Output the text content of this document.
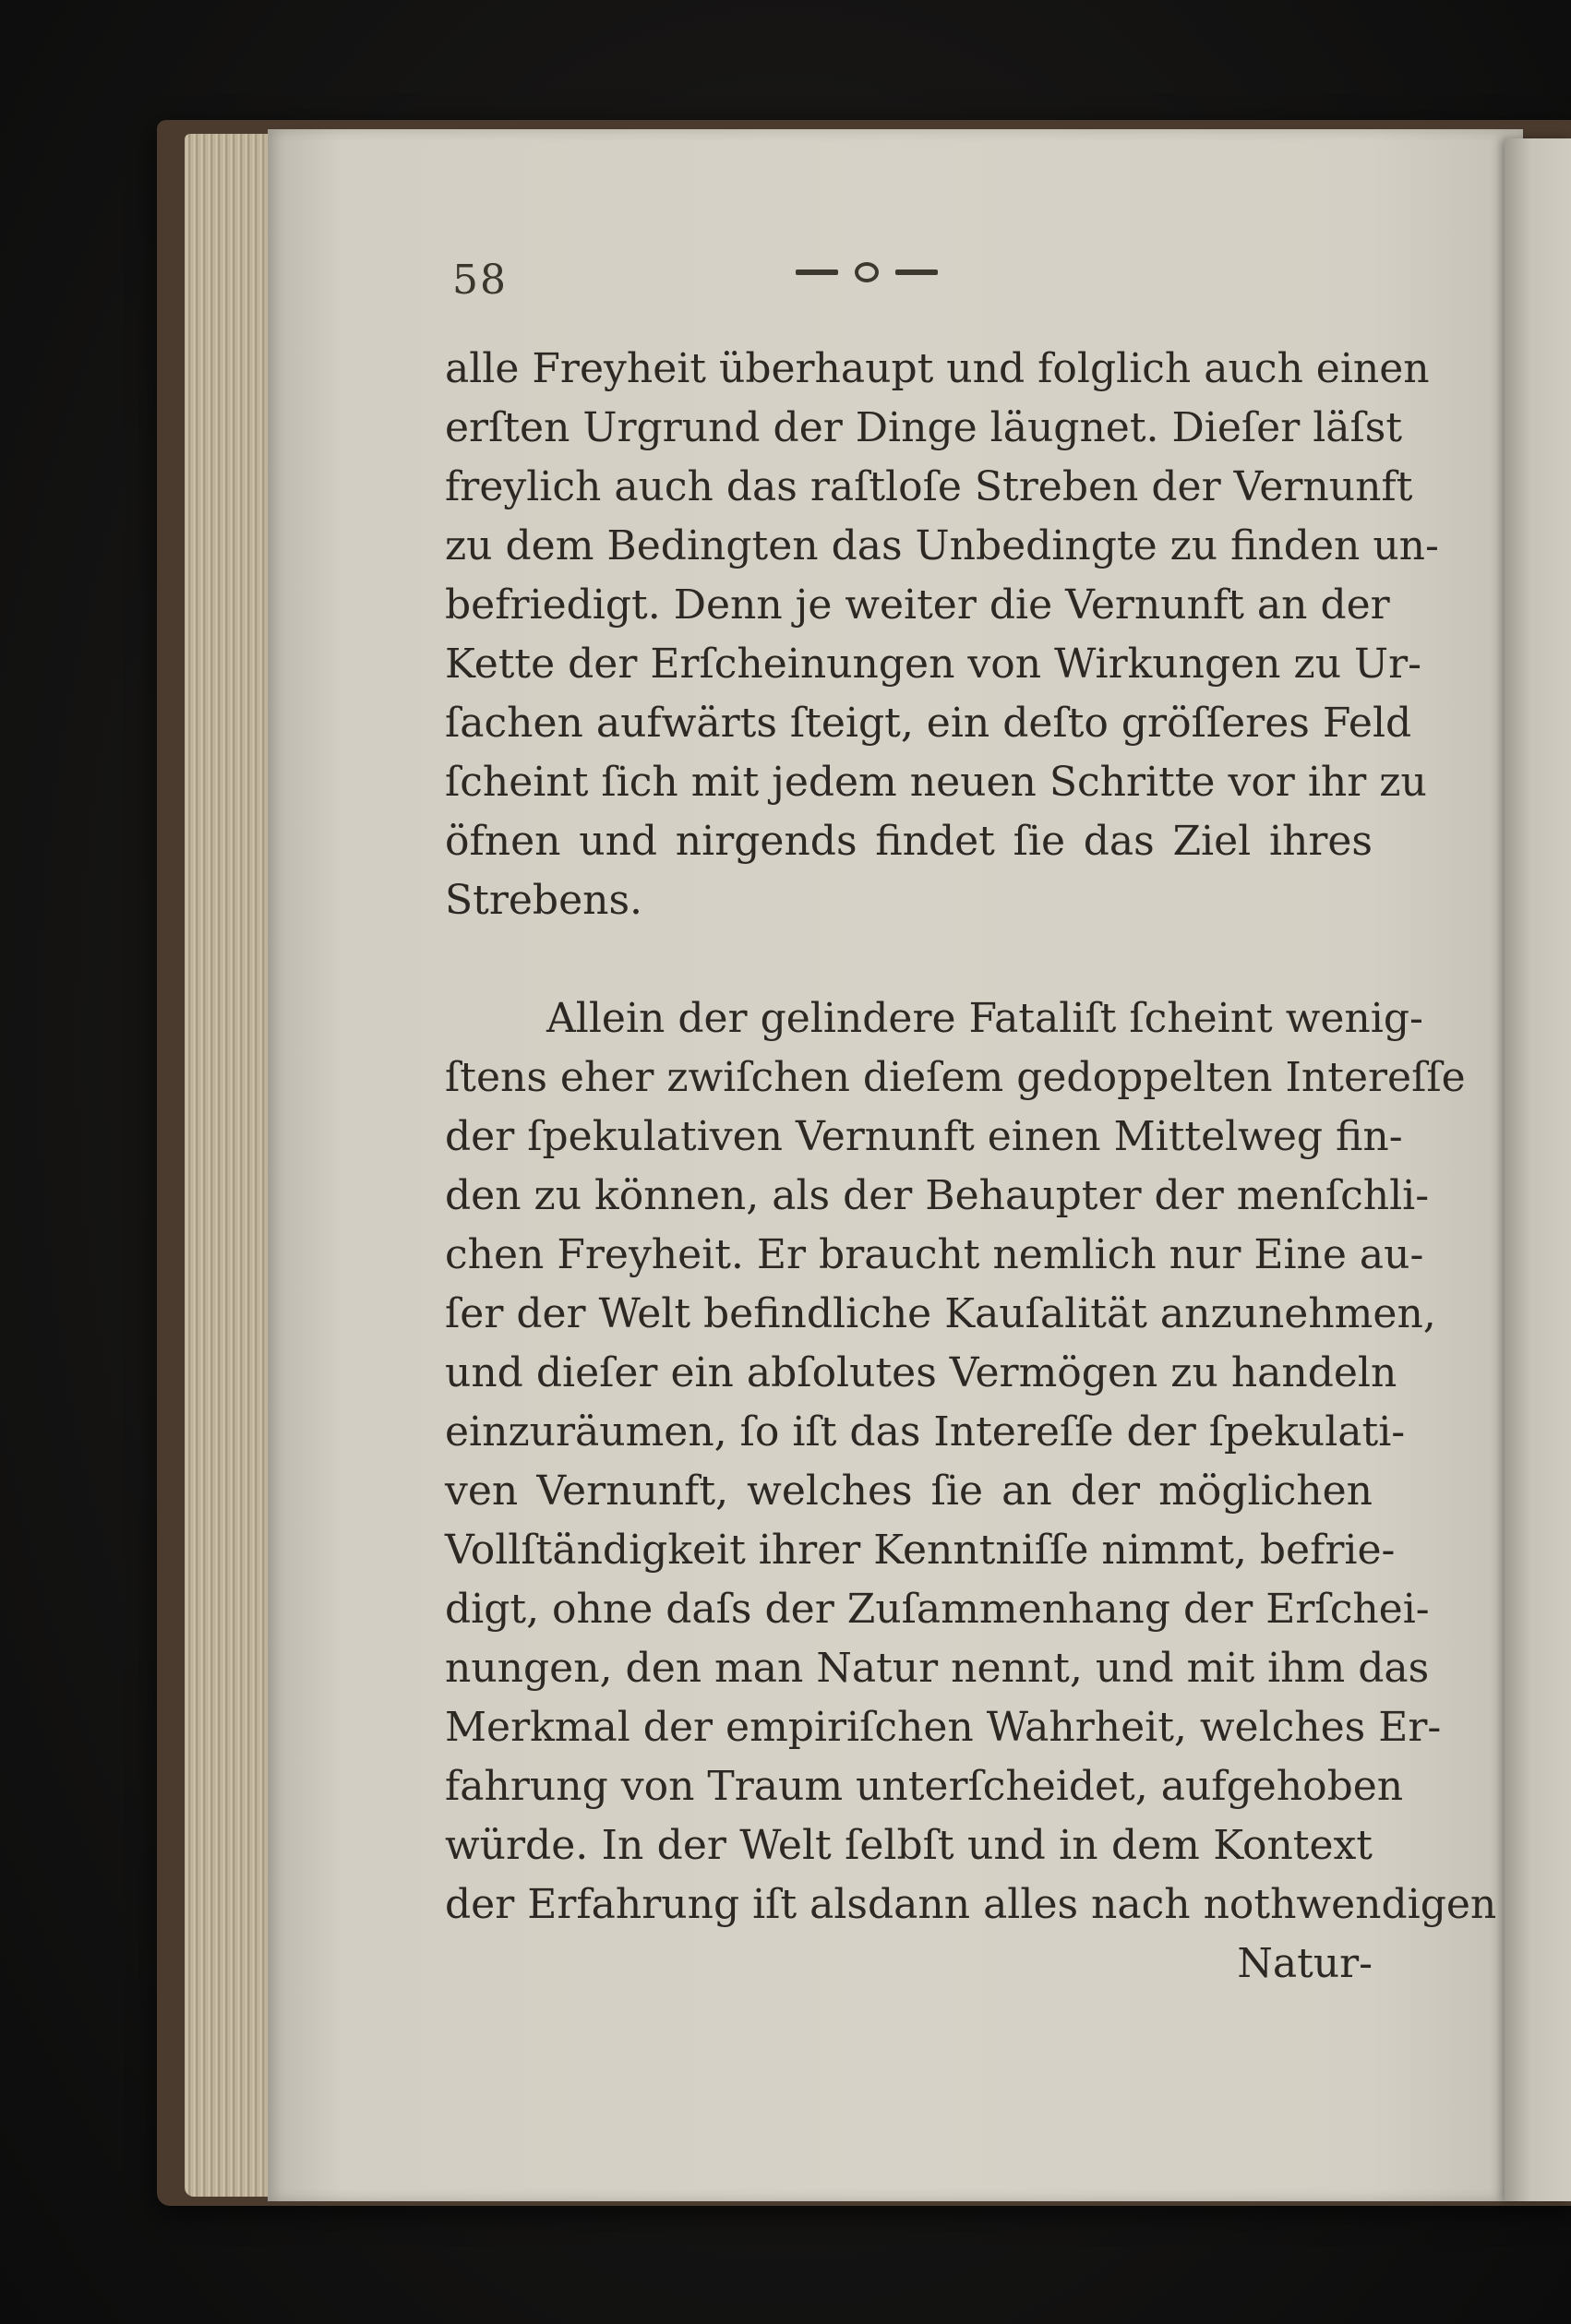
58
alle Freyheit überhaupt und folglich auch einen
erſten Urgrund der Dinge läugnet. Dieſer läſst
freylich auch das raſtloſe Streben der Vernunft
zu dem Bedingten das Unbedingte zu finden un-
befriedigt. Denn je weiter die Vernunft an der
Kette der Erſcheinungen von Wirkungen zu Ur-
ſachen aufwärts ſteigt, ein deſto gröſſeres Feld
ſcheint ſich mit jedem neuen Schritte vor ihr zu
öfnen und nirgends findet ſie das Ziel ihres
Strebens.
Allein der gelindere Fataliſt ſcheint wenig-
ſtens eher zwiſchen dieſem gedoppelten Intereſſe
der ſpekulativen Vernunft einen Mittelweg fin-
den zu können, als der Behaupter der menſchli-
chen Freyheit. Er braucht nemlich nur Eine au-
ſer der Welt befindliche Kauſalität anzunehmen,
und dieſer ein abſolutes Vermögen zu handeln
einzuräumen, ſo iſt das Intereſſe der ſpekulati-
ven Vernunft, welches ſie an der möglichen
Vollſtändigkeit ihrer Kenntniſſe nimmt, befrie-
digt, ohne daſs der Zuſammenhang der Erſchei-
nungen, den man Natur nennt, und mit ihm das
Merkmal der empiriſchen Wahrheit, welches Er-
fahrung von Traum unterſcheidet, aufgehoben
würde. In der Welt ſelbſt und in dem Kontext
der Erfahrung iſt alsdann alles nach nothwendigen
Natur-
